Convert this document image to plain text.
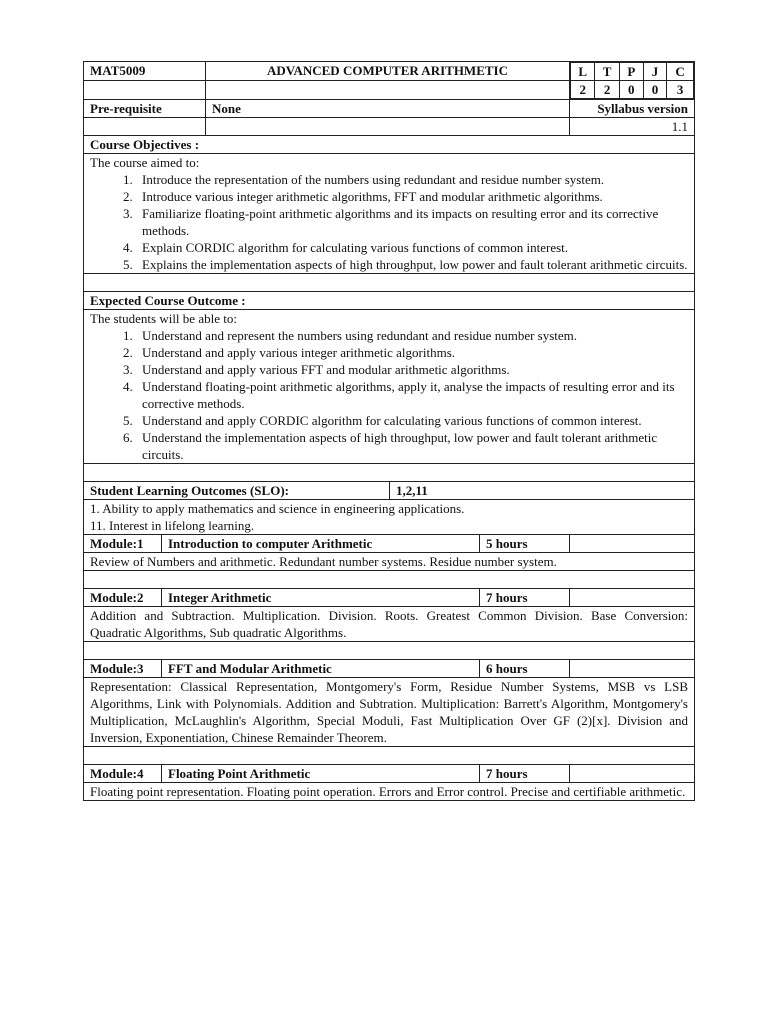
MAT5009	ADVANCED COMPUTER ARITHMETIC		L	T	P	J	C
2	2	0	0	3

Pre-requisite	None	Syllabus version
		1.1
Course Objectives :

The course aimed to:
1. Introduce the representation of the numbers using redundant and residue number system.
2. Introduce various integer arithmetic algorithms, FFT and modular arithmetic algorithms.
3. Familiarize floating-point arithmetic algorithms and its impacts on resulting error and its corrective methods.
4. Explain CORDIC algorithm for calculating various functions of common interest.
5. Explains the implementation aspects of high throughput, low power and fault tolerant arithmetic circuits.

Expected Course Outcome :

The students will be able to:
1. Understand and represent the numbers using redundant and residue number system.
2. Understand and apply various integer arithmetic algorithms.
3. Understand and apply various FFT and modular arithmetic algorithms.
4. Understand floating-point arithmetic algorithms, apply it, analyse the impacts of resulting error and its corrective methods.
5. Understand and apply CORDIC algorithm for calculating various functions of common interest.
6. Understand the implementation aspects of high throughput, low power and fault tolerant arithmetic circuits.

Student Learning Outcomes (SLO):	1,2,11

1. Ability to apply mathematics and science in engineering applications.
11. Interest in lifelong learning.

Module:1	Introduction to computer Arithmetic	5 hours	
Review of Numbers and arithmetic. Redundant number systems. Residue number system.

Module:2	Integer Arithmetic	7 hours	
Addition and Subtraction. Multiplication. Division. Roots. Greatest Common Division. Base Conversion: Quadratic Algorithms, Sub quadratic Algorithms.

Module:3	FFT and Modular Arithmetic	6 hours	
Representation: Classical Representation, Montgomery's Form, Residue Number Systems, MSB vs LSB Algorithms, Link with Polynomials. Addition and Subtration. Multiplication: Barrett's Algorithm, Montgomery's Multiplication, McLaughlin's Algorithm, Special Moduli, Fast Multiplication Over GF (2)[x]. Division and Inversion, Exponentiation, Chinese Remainder Theorem.

Module:4	Floating Point Arithmetic	7 hours	
Floating point representation. Floating point operation. Errors and Error control. Precise and certifiable arithmetic.
